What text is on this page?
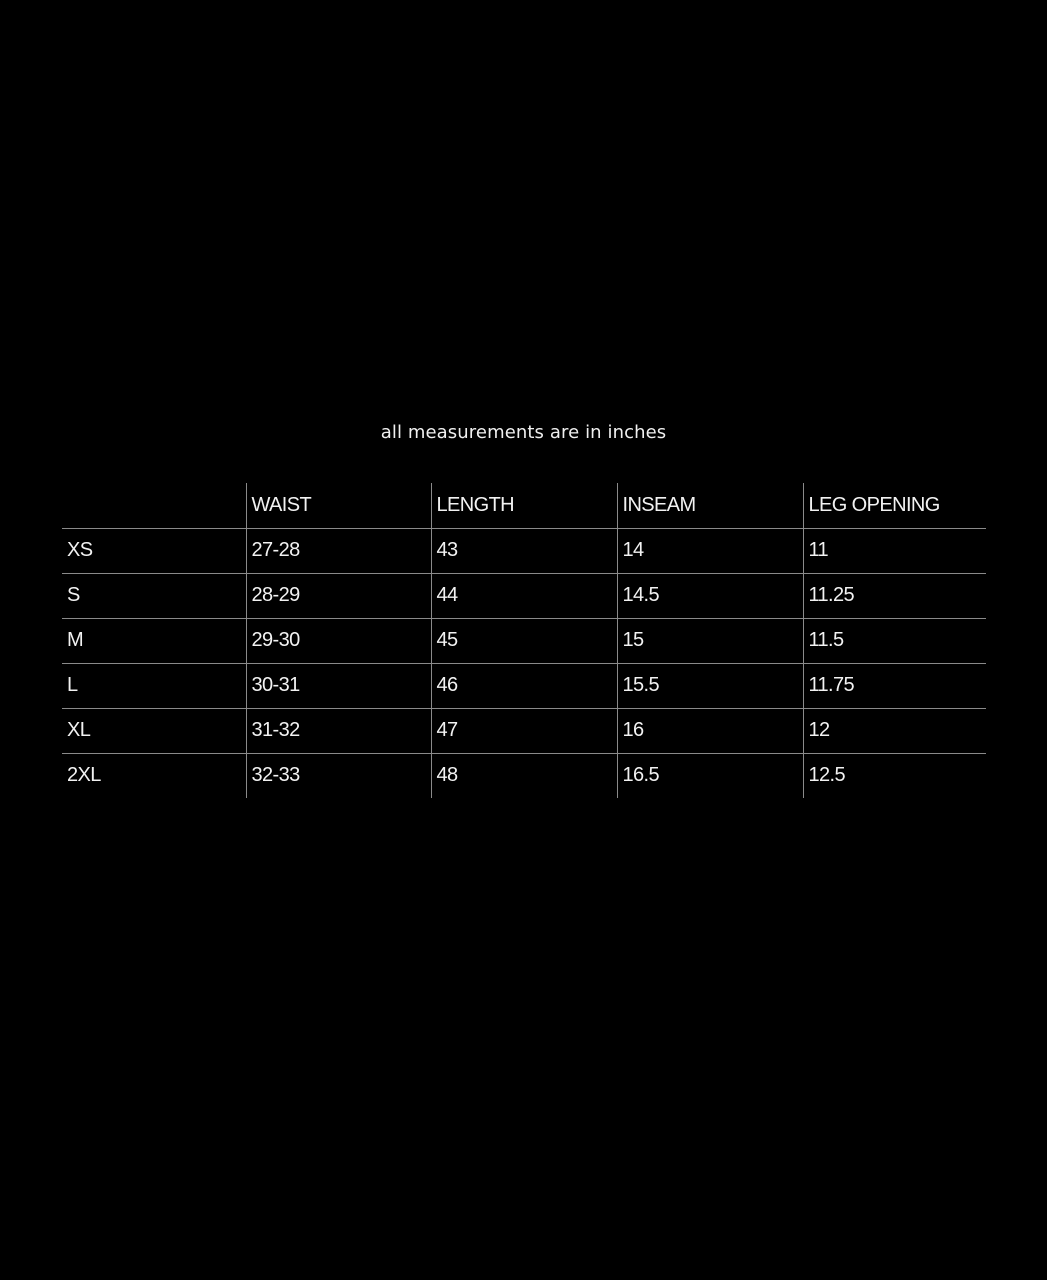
all measurements are in inches
	WAIST	LENGTH	INSEAM	LEG OPENING
XS	27-28	43	14	11
S	28-29	44	14.5	11.25
M	29-30	45	15	11.5
L	30-31	46	15.5	11.75
XL	31-32	47	16	12
2XL	32-33	48	16.5	12.5
